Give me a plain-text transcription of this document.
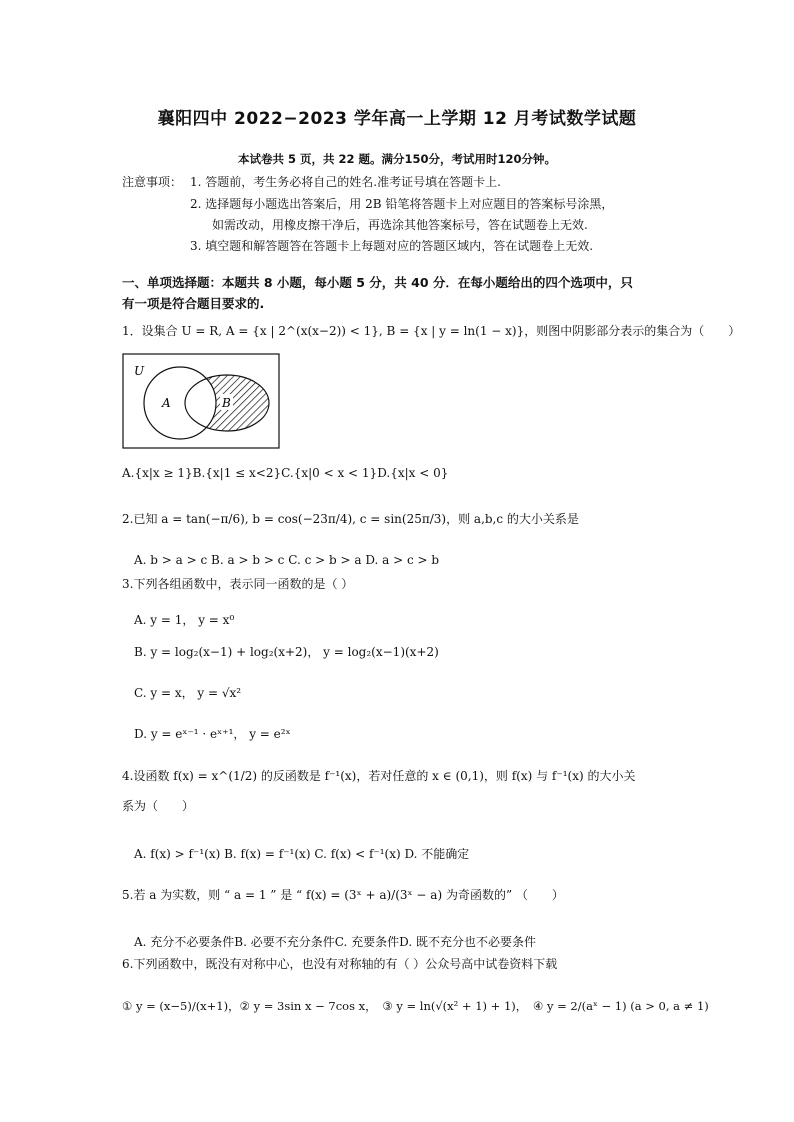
襄阳四中 2022−2023 学年高一上学期 12 月考试数学试题
本试卷共 5 页，共 22 题。满分150分，考试用时120分钟。
注意事项： 1. 答题前，考生务必将自己的姓名.准考证号填在答题卡上.
2. 选择题每小题选出答案后，用 2B 铅笔将答题卡上对应题目的答案标号涂黑，
如需改动，用橡皮擦干净后，再选涂其他答案标号，答在试题卷上无效.
3. 填空题和解答题答在答题卡上每题对应的答题区域内，答在试题卷上无效.
一、单项选择题：本题共 8 小题，每小题 5 分，共 40 分．在每小题给出的四个选项中，只
有一项是符合题目要求的.
1．设集合 U = R, A = {x | 2^(x(x−2)) < 1}, B = {x | y = ln(1 − x)}，则图中阴影部分表示的集合为（　　）
U
A	B
A.{x|x ≥ 1}B.{x|1 ≤ x<2}C.{x|0 < x < 1}D.{x|x < 0}
2.已知 a = tan(−π/6), b = cos(−23π/4), c = sin(25π/3)，则 a,b,c 的大小关系是
A. b > a > c B. a > b > c C. c > b > a D. a > c > b
3.下列各组函数中，表示同一函数的是（ ）
A. y = 1， y = x⁰
B. y = log₂(x−1) + log₂(x+2)， y = log₂(x−1)(x+2)
C. y = x， y = √x²
D. y = eˣ⁻¹ · eˣ⁺¹， y = e²ˣ
4.设函数 f(x) = x^(1/2) 的反函数是 f⁻¹(x)，若对任意的 x ∈ (0,1)，则 f(x) 与 f⁻¹(x) 的大小关
系为（　　）
A. f(x) > f⁻¹(x) B. f(x) = f⁻¹(x) C. f(x) < f⁻¹(x) D. 不能确定
5.若 a 为实数，则 “ a = 1 ” 是 “ f(x) = (3ˣ + a)/(3ˣ − a) 为奇函数的” （　　）
A. 充分不必要条件B. 必要不充分条件C. 充要条件D. 既不充分也不必要条件
6.下列函数中，既没有对称中心，也没有对称轴的有（ ）公众号高中试卷资料下载
① y = (x−5)/(x+1)，② y = 3sin x − 7cos x，　③ y = ln(√(x² + 1) + 1)，　④ y = 2/(aˣ − 1) (a > 0, a ≠ 1)
